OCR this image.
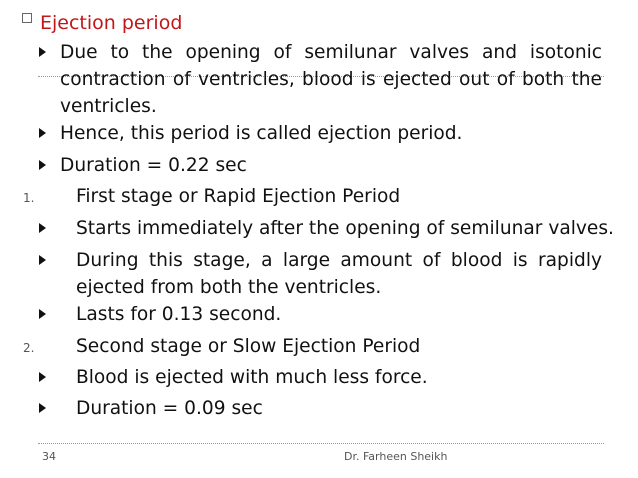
Ejection period
Due to the opening of semilunar valves and isotonic
contraction of ventricles, blood is ejected out of both the
ventricles.
Hence, this period is called ejection period.
Duration = 0.22 sec
1. First stage or Rapid Ejection Period
Starts immediately after the opening of semilunar valves.
During this stage, a large amount of blood is rapidly
ejected from both the ventricles.
Lasts for 0.13 second.
2. Second stage or Slow Ejection Period
Blood is ejected with much less force.
Duration = 0.09 sec
34	Dr. Farheen Sheikh
